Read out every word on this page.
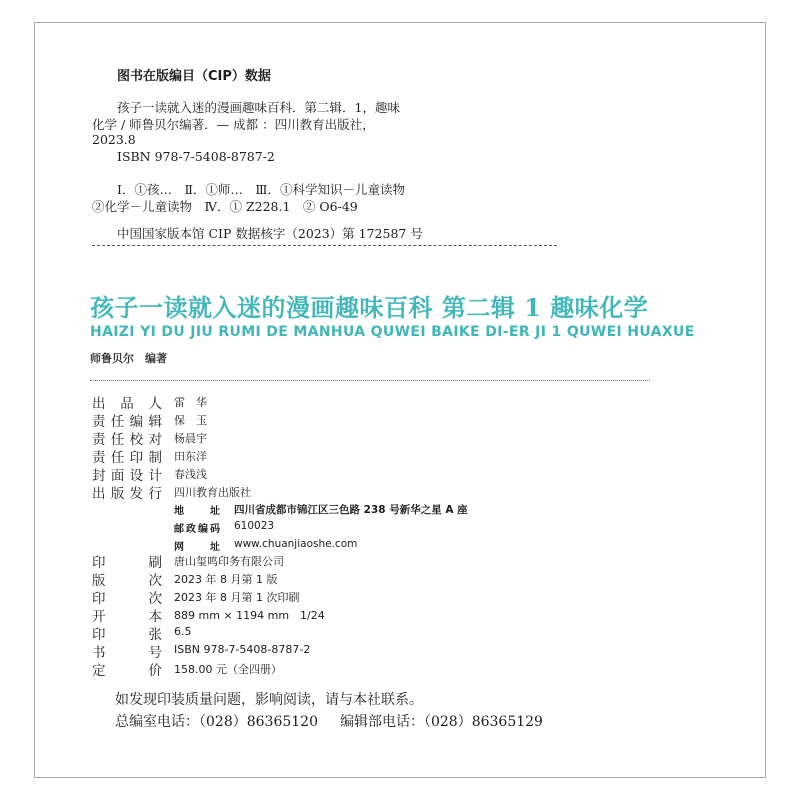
图书在版编目（CIP）数据
孩子一读就入迷的漫画趣味百科．第二辑．1，趣味
化学 / 师鲁贝尔编著．— 成都 ：四川教育出版社，
2023.8
ISBN 978-7-5408-8787-2
Ⅰ．①孩…　Ⅱ．①师…　Ⅲ．①科学知识－儿童读物
②化学－儿童读物　Ⅳ．① Z228.1　② O6-49
中国国家版本馆 CIP 数据核字（2023）第 172587 号
孩子一读就入迷的漫画趣味百科 第二辑 1 趣味化学
HAIZI YI DU JIU RUMI DE MANHUA QUWEI BAIKE DI-ER JI 1 QUWEI HUAXUE
师鲁贝尔　编著
出品人 雷　华
责任编辑 保　玉
责任校对 杨晨宇
责任印制 田东洋
封面设计 春浅浅
出版发行 四川教育出版社
地址 四川省成都市锦江区三色路 238 号新华之星 A 座
邮政编码 610023
网址 www.chuanjiaoshe.com
印刷 唐山玺鸣印务有限公司
版次 2023 年 8 月第 1 版
印次 2023 年 8 月第 1 次印刷
开本 889 mm × 1194 mm　1/24
印张 6.5
书号 ISBN 978-7-5408-8787-2
定价 158.00 元（全四册）
如发现印装质量问题，影响阅读，请与本社联系。
总编室电话：（028）86365120 编辑部电话：（028）86365129
